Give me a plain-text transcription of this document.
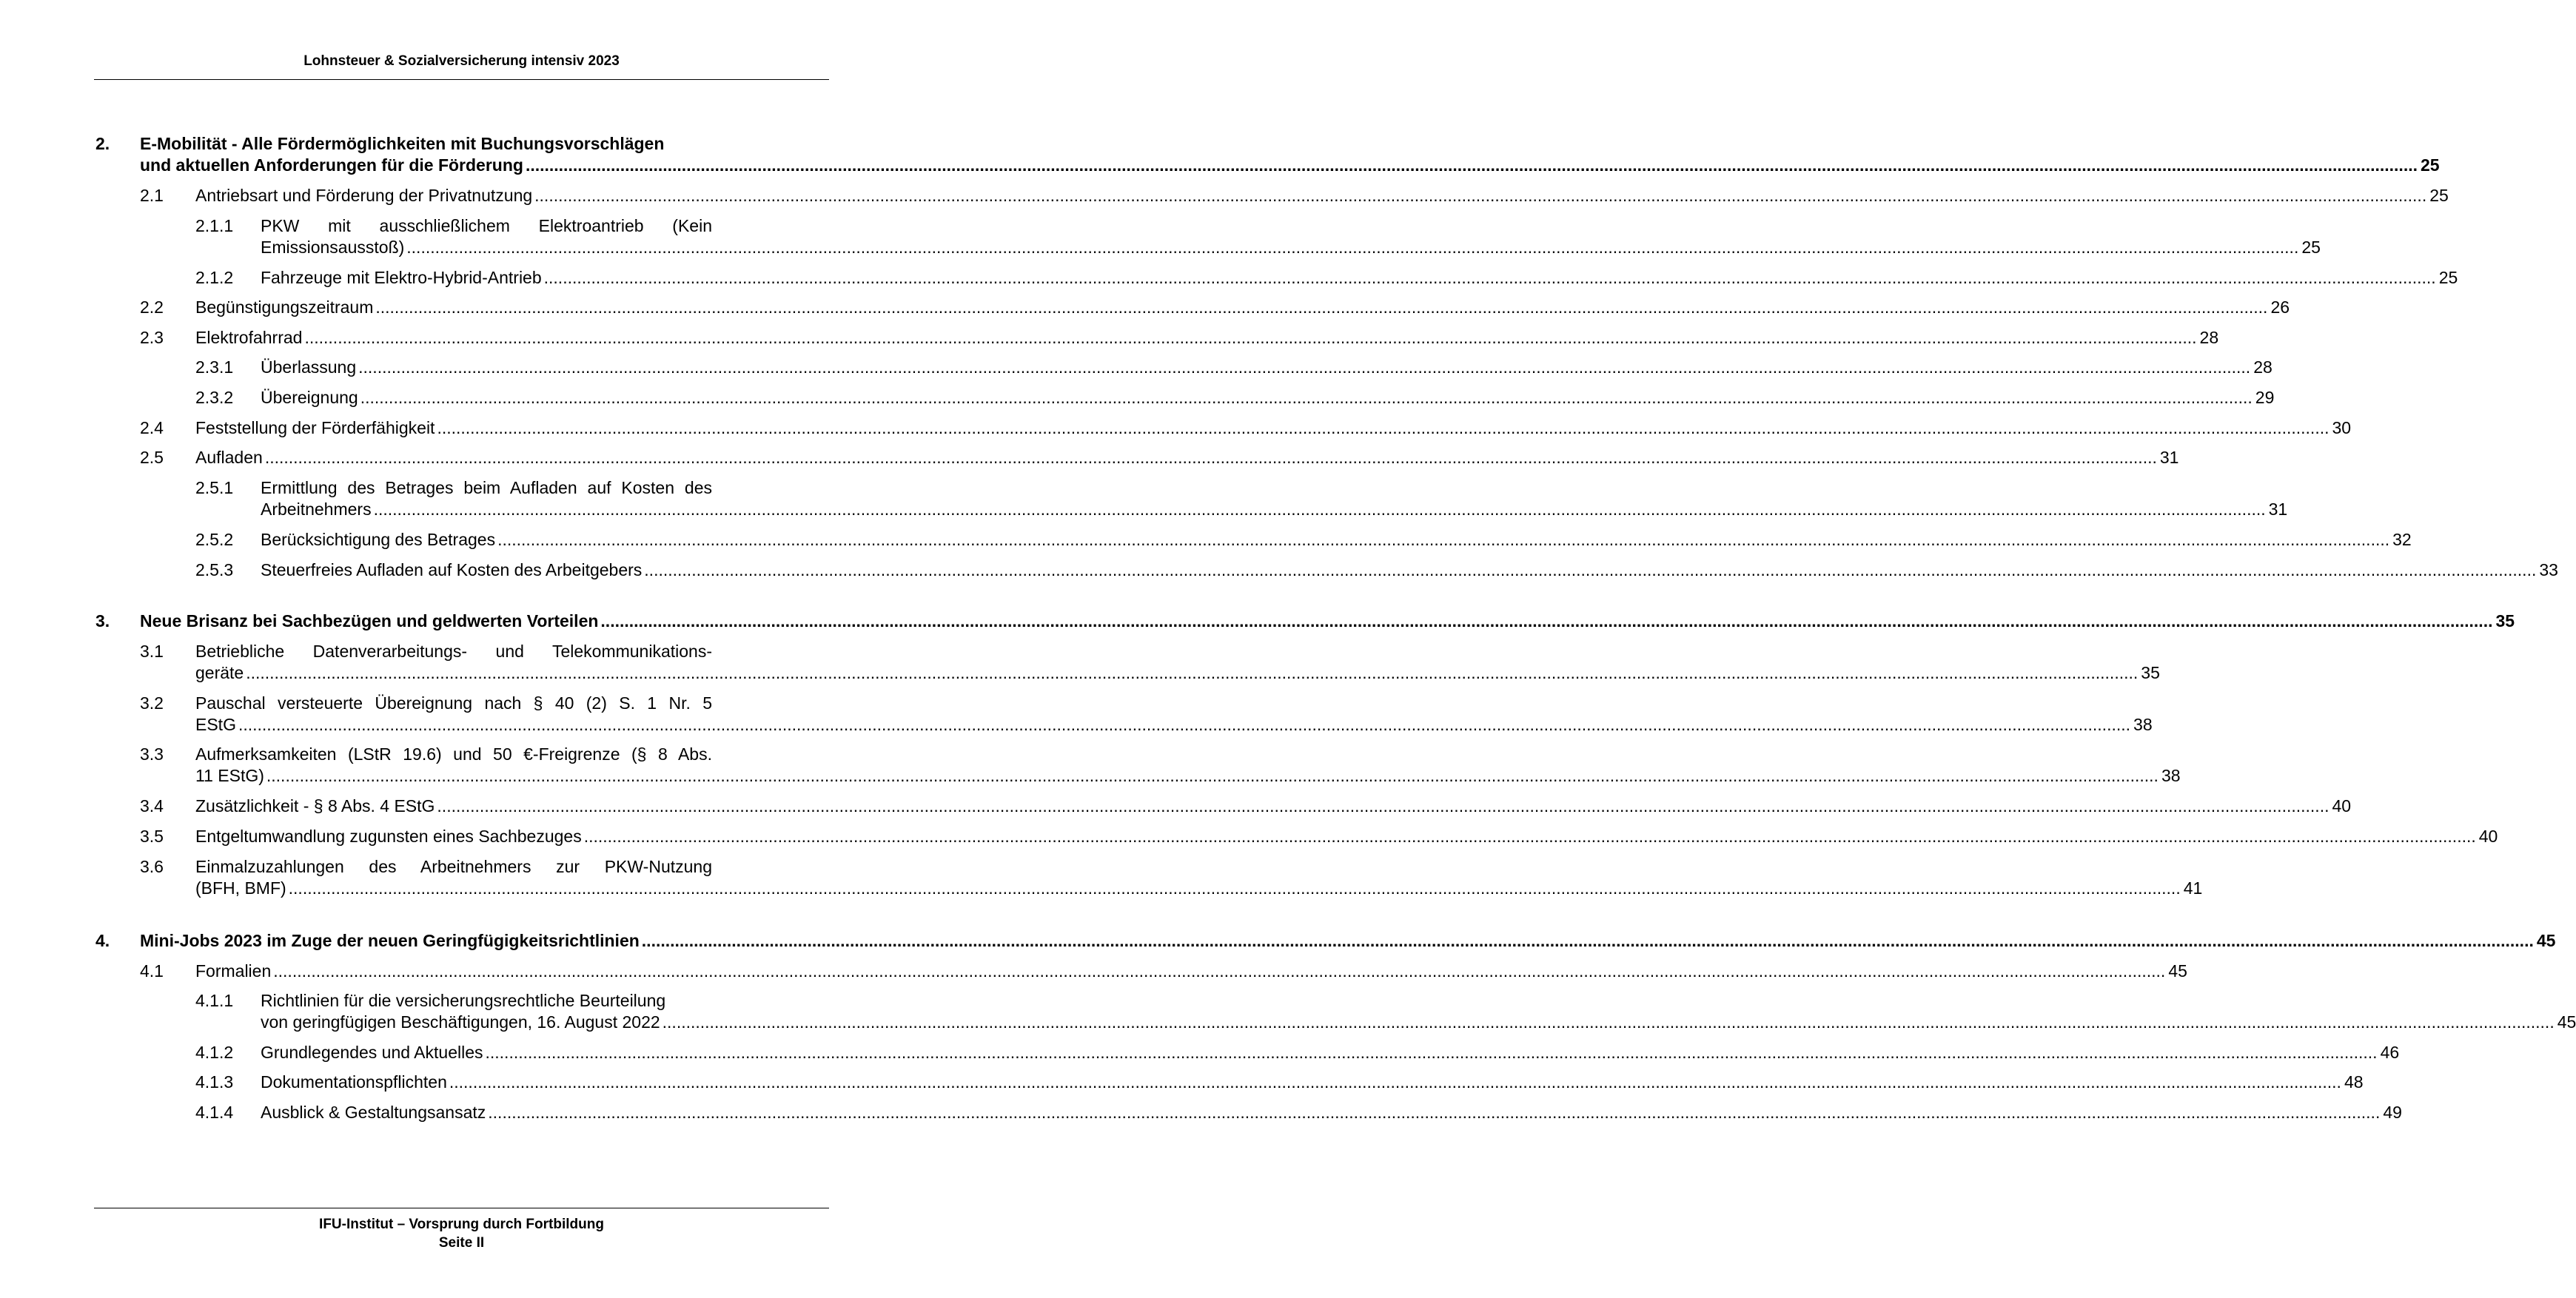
Lohnsteuer & Sozialversicherung intensiv 2023
2. E-Mobilität - Alle Fördermöglichkeiten mit Buchungsvorschlägen
und aktuellen Anforderungen für die Förderung ................................................................................................................................................................................................................................................................................................................................................................................................................ 25
2.1 Antriebsart und Förderung der Privatnutzung ................................................................................................................................................................................................................................................................................................................................................................................................................ 25
2.1.1 PKW mit ausschließlichem Elektroantrieb (Kein
Emissionsausstoß) ................................................................................................................................................................................................................................................................................................................................................................................................................ 25
2.1.2 Fahrzeuge mit Elektro-Hybrid-Antrieb ................................................................................................................................................................................................................................................................................................................................................................................................................ 25
2.2 Begünstigungszeitraum ................................................................................................................................................................................................................................................................................................................................................................................................................ 26
2.3 Elektrofahrrad ................................................................................................................................................................................................................................................................................................................................................................................................................ 28
2.3.1 Überlassung ................................................................................................................................................................................................................................................................................................................................................................................................................ 28
2.3.2 Übereignung ................................................................................................................................................................................................................................................................................................................................................................................................................ 29
2.4 Feststellung der Förderfähigkeit ................................................................................................................................................................................................................................................................................................................................................................................................................ 30
2.5 Aufladen ................................................................................................................................................................................................................................................................................................................................................................................................................ 31
2.5.1 Ermittlung des Betrages beim Aufladen auf Kosten des
Arbeitnehmers ................................................................................................................................................................................................................................................................................................................................................................................................................ 31
2.5.2 Berücksichtigung des Betrages ................................................................................................................................................................................................................................................................................................................................................................................................................ 32
2.5.3 Steuerfreies Aufladen auf Kosten des Arbeitgebers ................................................................................................................................................................................................................................................................................................................................................................................................................ 33
3. Neue Brisanz bei Sachbezügen und geldwerten Vorteilen ................................................................................................................................................................................................................................................................................................................................................................................................................ 35
3.1 Betriebliche Datenverarbeitungs- und Telekommunikations-
geräte ................................................................................................................................................................................................................................................................................................................................................................................................................ 35
3.2 Pauschal versteuerte Übereignung nach § 40 (2) S. 1 Nr. 5
EStG ................................................................................................................................................................................................................................................................................................................................................................................................................ 38
3.3 Aufmerksamkeiten (LStR 19.6) und 50 €-Freigrenze (§ 8 Abs.
11 EStG) ................................................................................................................................................................................................................................................................................................................................................................................................................ 38
3.4 Zusätzlichkeit - § 8 Abs. 4 EStG ................................................................................................................................................................................................................................................................................................................................................................................................................ 40
3.5 Entgeltumwandlung zugunsten eines Sachbezuges ................................................................................................................................................................................................................................................................................................................................................................................................................ 40
3.6 Einmalzuzahlungen des Arbeitnehmers zur PKW-Nutzung
(BFH, BMF) ................................................................................................................................................................................................................................................................................................................................................................................................................ 41
4. Mini-Jobs 2023 im Zuge der neuen Geringfügigkeitsrichtlinien ................................................................................................................................................................................................................................................................................................................................................................................................................ 45
4.1 Formalien ................................................................................................................................................................................................................................................................................................................................................................................................................ 45
4.1.1 Richtlinien für die versicherungsrechtliche Beurteilung
von geringfügigen Beschäftigungen, 16. August 2022 ................................................................................................................................................................................................................................................................................................................................................................................................................ 45
4.1.2 Grundlegendes und Aktuelles ................................................................................................................................................................................................................................................................................................................................................................................................................ 46
4.1.3 Dokumentationspflichten ................................................................................................................................................................................................................................................................................................................................................................................................................ 48
4.1.4 Ausblick & Gestaltungsansatz ................................................................................................................................................................................................................................................................................................................................................................................................................ 49
IFU-Institut – Vorsprung durch Fortbildung
Seite II
